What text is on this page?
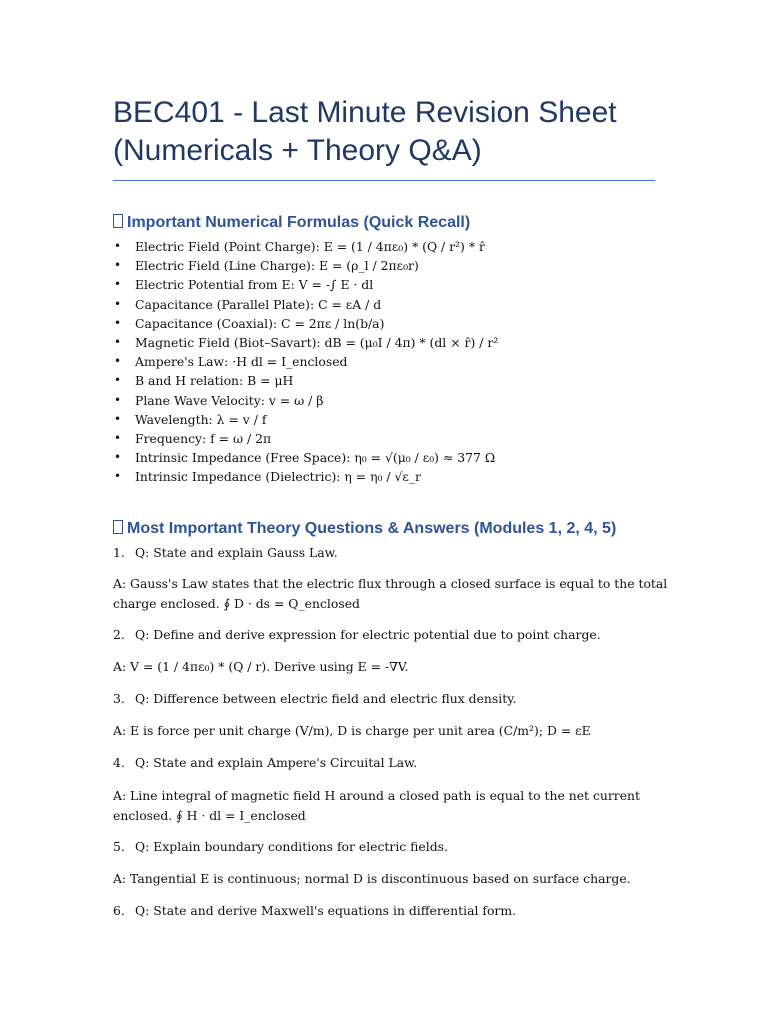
BEC401 - Last Minute Revision Sheet (Numericals + Theory Q&A)
Important Numerical Formulas (Quick Recall)
• Electric Field (Point Charge): E = (1 / 4πε₀) * (Q / r²) * r̂
• Electric Field (Line Charge): E = (ρ_l / 2πε₀r)
• Electric Potential from E: V = -∫ E · dl
• Capacitance (Parallel Plate): C = εA / d
• Capacitance (Coaxial): C = 2πε / ln(b/a)
• Magnetic Field (Biot–Savart): dB = (μ₀I / 4π) * (dl × r̂) / r²
• Ampere's Law: ·H dl = I_enclosed
• B and H relation: B = μH
• Plane Wave Velocity: v = ω / β
• Wavelength: λ = v / f
• Frequency: f = ω / 2π
• Intrinsic Impedance (Free Space): η₀ = √(μ₀ / ε₀) ≈ 377 Ω
• Intrinsic Impedance (Dielectric): η = η₀ / √ε_r
Most Important Theory Questions & Answers (Modules 1, 2, 4, 5)

1. Q: State and explain Gauss Law.

A: Gauss's Law states that the electric flux through a closed surface is equal to the total charge enclosed. ∮ D · ds = Q_enclosed

2. Q: Define and derive expression for electric potential due to point charge.

A: V = (1 / 4πε₀) * (Q / r). Derive using E = -∇V.

3. Q: Difference between electric field and electric flux density.

A: E is force per unit charge (V/m), D is charge per unit area (C/m²); D = εE

4. Q: State and explain Ampere's Circuital Law.

A: Line integral of magnetic field H around a closed path is equal to the net current enclosed. ∮ H · dl = I_enclosed

5. Q: Explain boundary conditions for electric fields.

A: Tangential E is continuous; normal D is discontinuous based on surface charge.

6. Q: State and derive Maxwell's equations in differential form.
